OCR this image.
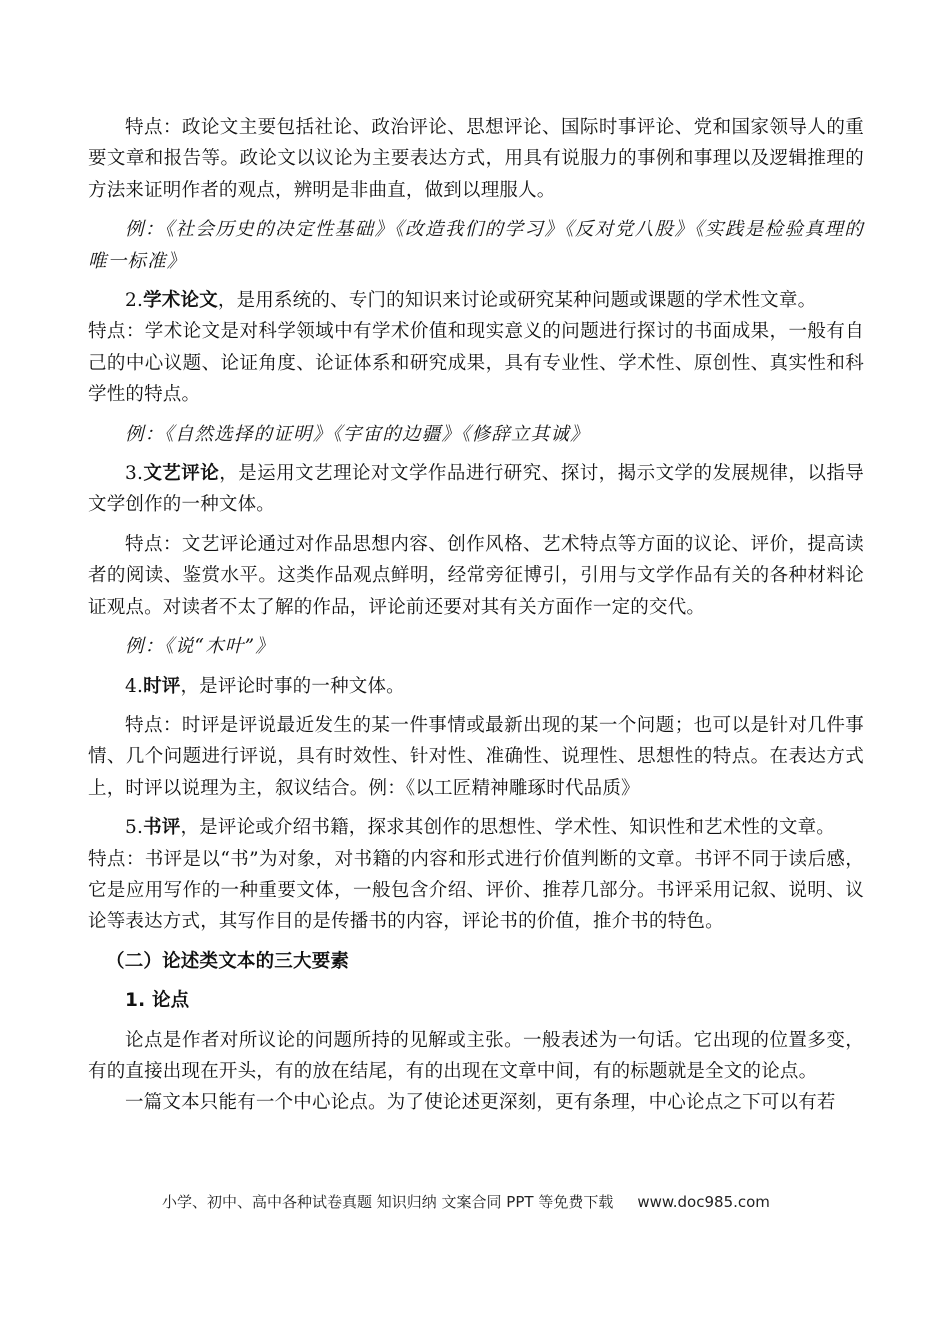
特点：政论文主要包括社论、政治评论、思想评论、国际时事评论、党和国家领导人的重要文章和报告等。政论文以议论为主要表达方式，用具有说服力的事例和事理以及逻辑推理的方法来证明作者的观点，辨明是非曲直，做到以理服人。

例：《社会历史的决定性基础》《改造我们的学习》《反对党八股》《实践是检验真理的唯一标准》

2.学术论文，是用系统的、专门的知识来讨论或研究某种问题或课题的学术性文章。

特点：学术论文是对科学领域中有学术价值和现实意义的问题进行探讨的书面成果，一般有自己的中心议题、论证角度、论证体系和研究成果，具有专业性、学术性、原创性、真实性和科学性的特点。

例：《自然选择的证明》《宇宙的边疆》《修辞立其诚》

3.文艺评论，是运用文艺理论对文学作品进行研究、探讨，揭示文学的发展规律，以指导文学创作的一种文体。

特点：文艺评论通过对作品思想内容、创作风格、艺术特点等方面的议论、评价，提高读者的阅读、鉴赏水平。这类作品观点鲜明，经常旁征博引，引用与文学作品有关的各种材料论证观点。对读者不太了解的作品，评论前还要对其有关方面作一定的交代。

例：《说“木叶”》

4.时评，是评论时事的一种文体。

特点：时评是评说最近发生的某一件事情或最新出现的某一个问题；也可以是针对几件事情、几个问题进行评说，具有时效性、针对性、准确性、说理性、思想性的特点。在表达方式上，时评以说理为主，叙议结合。例：《以工匠精神雕琢时代品质》

5.书评，是评论或介绍书籍，探求其创作的思想性、学术性、知识性和艺术性的文章。

特点：书评是以“书”为对象，对书籍的内容和形式进行价值判断的文章。书评不同于读后感，它是应用写作的一种重要文体，一般包含介绍、评价、推荐几部分。书评采用记叙、说明、议论等表达方式，其写作目的是传播书的内容，评论书的价值，推介书的特色。

（二）论述类文本的三大要素

1. 论点

论点是作者对所议论的问题所持的见解或主张。一般表述为一句话。它出现的位置多变，有的直接出现在开头，有的放在结尾，有的出现在文章中间，有的标题就是全文的论点。

一篇文本只能有一个中心论点。为了使论述更深刻，更有条理，中心论点之下可以有若

小学、初中、高中各种试卷真题 知识归纳 文案合同 PPT 等免费下载 www.doc985.com
